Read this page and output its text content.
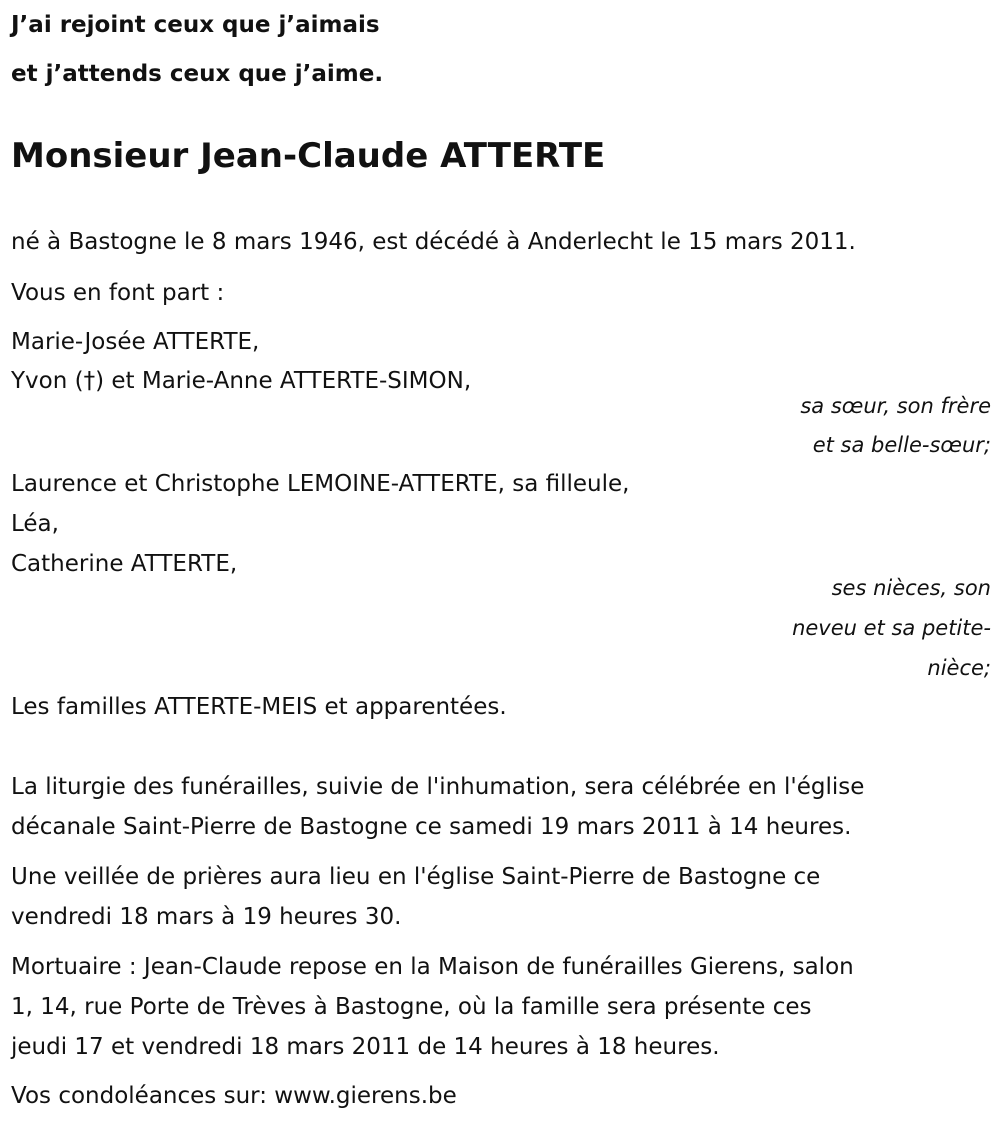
J’ai rejoint ceux que j’aimais
et j’attends ceux que j’aime.
Monsieur Jean-Claude ATTERTE
né à Bastogne le 8 mars 1946, est décédé à Anderlecht le 15 mars 2011.
Vous en font part :
Marie-Josée ATTERTE,
Yvon (†) et Marie-Anne ATTERTE-SIMON,
sa sœur, son frère
et sa belle-sœur;
Laurence et Christophe LEMOINE-ATTERTE, sa filleule,
Léa,
Catherine ATTERTE,
ses nièces, son
neveu et sa petite-
nièce;
Les familles ATTERTE-MEIS et apparentées.
La liturgie des funérailles, suivie de l'inhumation, sera célébrée en l'église
décanale Saint-Pierre de Bastogne ce samedi 19 mars 2011 à 14 heures.
Une veillée de prières aura lieu en l'église Saint-Pierre de Bastogne ce
vendredi 18 mars à 19 heures 30.
Mortuaire : Jean-Claude repose en la Maison de funérailles Gierens, salon
1, 14, rue Porte de Trèves à Bastogne, où la famille sera présente ces
jeudi 17 et vendredi 18 mars 2011 de 14 heures à 18 heures.
Vos condoléances sur: www.gierens.be
